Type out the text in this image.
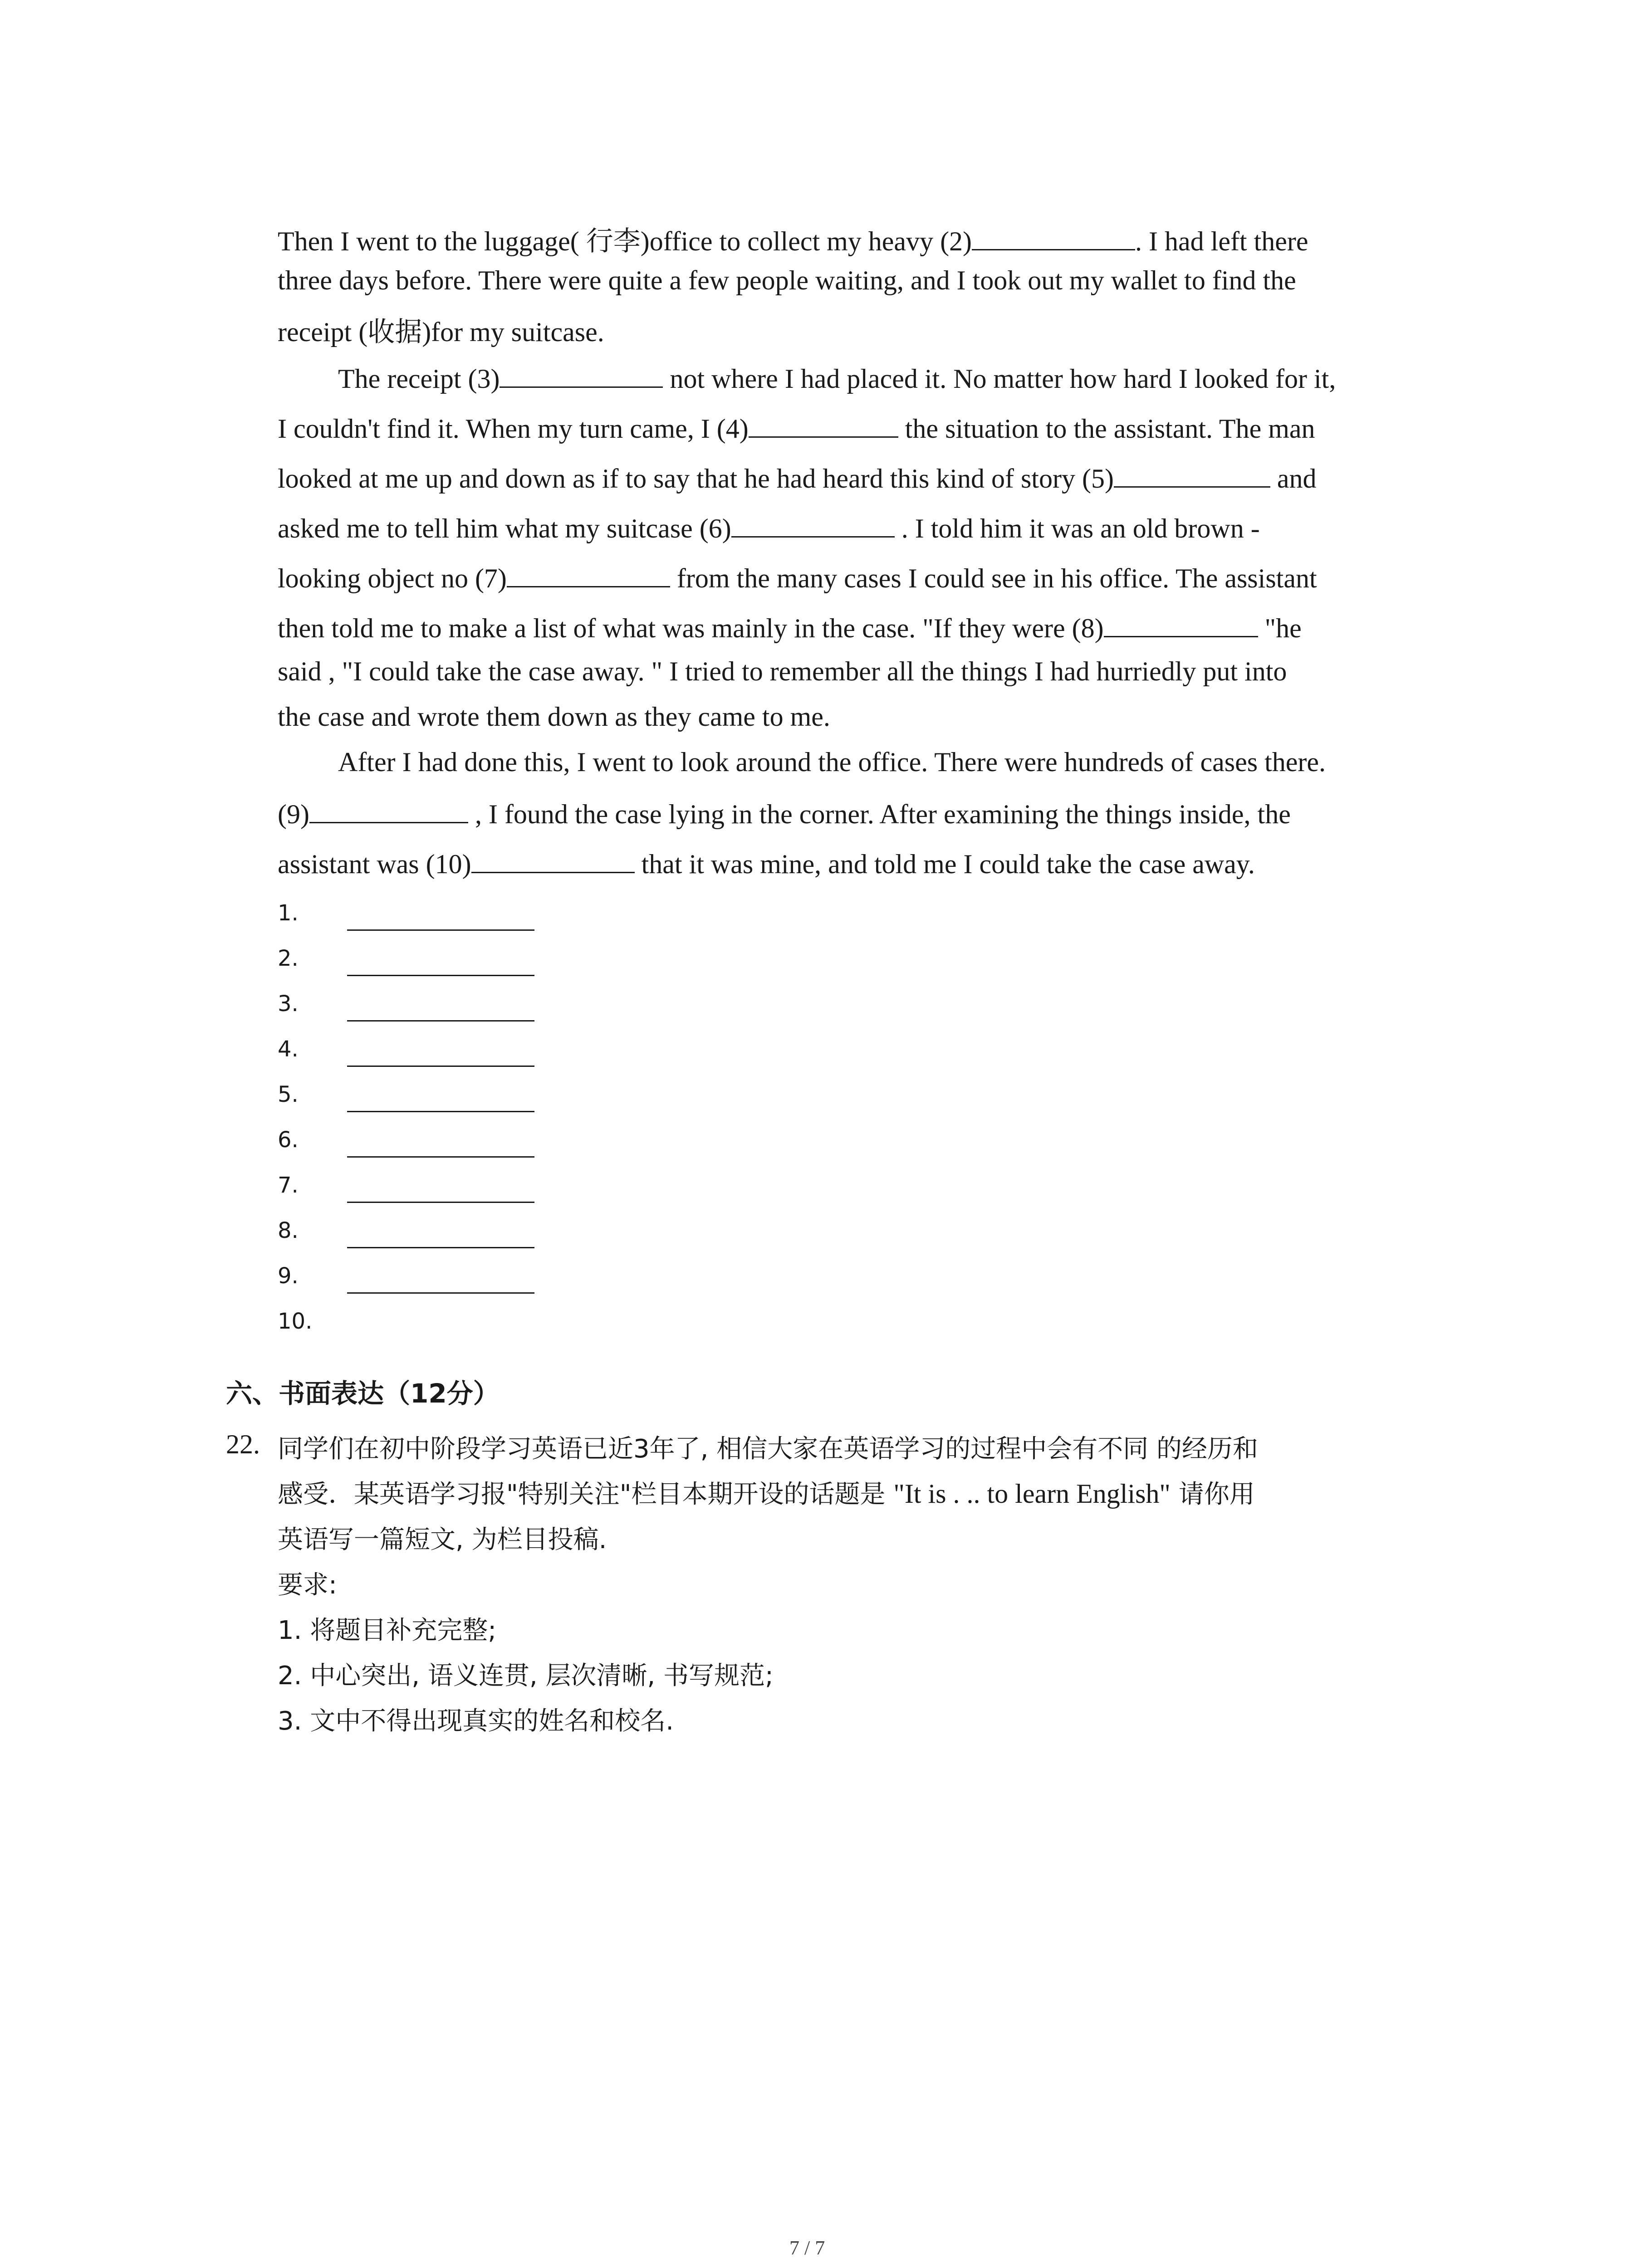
Then I went to the luggage( 行李)office to collect my heavy (2)	. I had left there
three days before. There were quite a few people waiting, and I took out my wallet to find the
receipt (收据)for my suitcase.
The receipt (3)	not where I had placed it. No matter how hard I looked for it,
I couldn't find it. When my turn came, I (4)	the situation to the assistant. The man
looked at me up and down as if to say that he had heard this kind of story (5)	and
asked me to tell him what my suitcase (6)	. I told him it was an old brown -
looking object no (7)	from the many cases I could see in his office. The assistant
then told me to make a list of what was mainly in the case. "If they were (8)	"he
said , "I could take the case away. " I tried to remember all the things I had hurriedly put into
the case and wrote them down as they came to me.
After I had done this, I went to look around the office. There were hundreds of cases there.
(9)	, I found the case lying in the corner. After examining the things inside, the
assistant was (10)	that it was mine, and told me I could take the case away.
1.
2.
3.
4.
5.
6.
7.
8.
9.
10.
六、书面表达（12分）
22. 同学们在初中阶段学习英语已近3年了, 相信大家在英语学习的过程中会有不同 的经历和
感受．某英语学习报"特别关注"栏目本期开设的话题是 "It is . .. to learn English" 请你用
英语写一篇短文, 为栏目投稿.
要求:
1. 将题目补充完整;
2. 中心突出, 语义连贯, 层次清晰, 书写规范;
3. 文中不得出现真实的姓名和校名.
7 / 7
